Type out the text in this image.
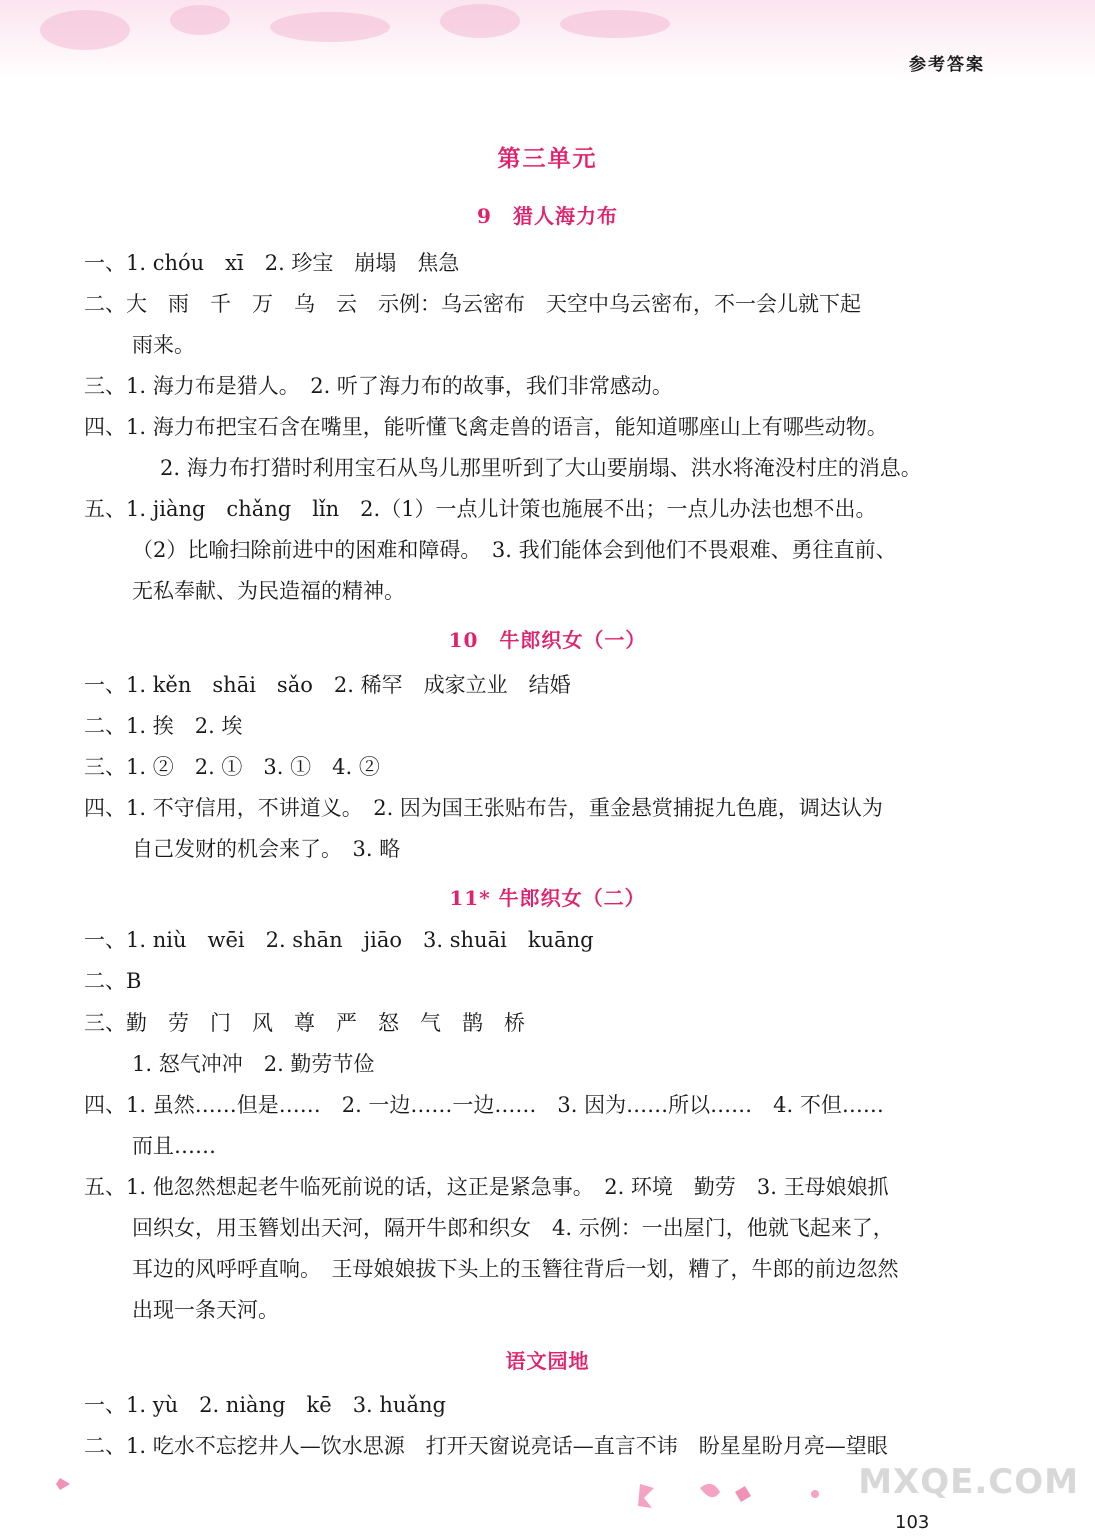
参考答案
第三单元
9　猎人海力布
一、1. chóu　xī　2. 珍宝　崩塌　焦急
二、大　雨　千　万　乌　云　示例：乌云密布　天空中乌云密布，不一会儿就下起
雨来。
三、1. 海力布是猎人。　2. 听了海力布的故事，我们非常感动。
四、1. 海力布把宝石含在嘴里，能听懂飞禽走兽的语言，能知道哪座山上有哪些动物。
2. 海力布打猎时利用宝石从鸟儿那里听到了大山要崩塌、洪水将淹没村庄的消息。
五、1. jiàng　chǎng　lǐn　2.（1）一点儿计策也施展不出；一点儿办法也想不出。
（2）比喻扫除前进中的困难和障碍。　3. 我们能体会到他们不畏艰难、勇往直前、
无私奉献、为民造福的精神。
10　牛郎织女（一）
一、1. kěn　shāi　sǎo　2. 稀罕　成家立业　结婚
二、1. 挨　2. 埃
三、1. ②　2. ①　3. ①　4. ②
四、1. 不守信用，不讲道义。　2. 因为国王张贴布告，重金悬赏捕捉九色鹿，调达认为
自己发财的机会来了。　3. 略
11* 牛郎织女（二）
一、1. niù　wēi　2. shān　jiāo　3. shuāi　kuāng
二、B
三、勤　劳　门　风　尊　严　怒　气　鹊　桥
1. 怒气冲冲　2. 勤劳节俭
四、1. 虽然……但是……　2. 一边……一边……　3. 因为……所以……　4. 不但……
而且……
五、1. 他忽然想起老牛临死前说的话，这正是紧急事。　2. 环境　勤劳　3. 王母娘娘抓
回织女，用玉簪划出天河，隔开牛郎和织女　4. 示例：一出屋门，他就飞起来了，
耳边的风呼呼直响。　王母娘娘拔下头上的玉簪往背后一划，糟了，牛郎的前边忽然
出现一条天河。
语文园地
一、1. yù　2. niàng　kē　3. huǎng
二、1. 吃水不忘挖井人—饮水思源　打开天窗说亮话—直言不讳　盼星星盼月亮—望眼
103
MXQE.COM
